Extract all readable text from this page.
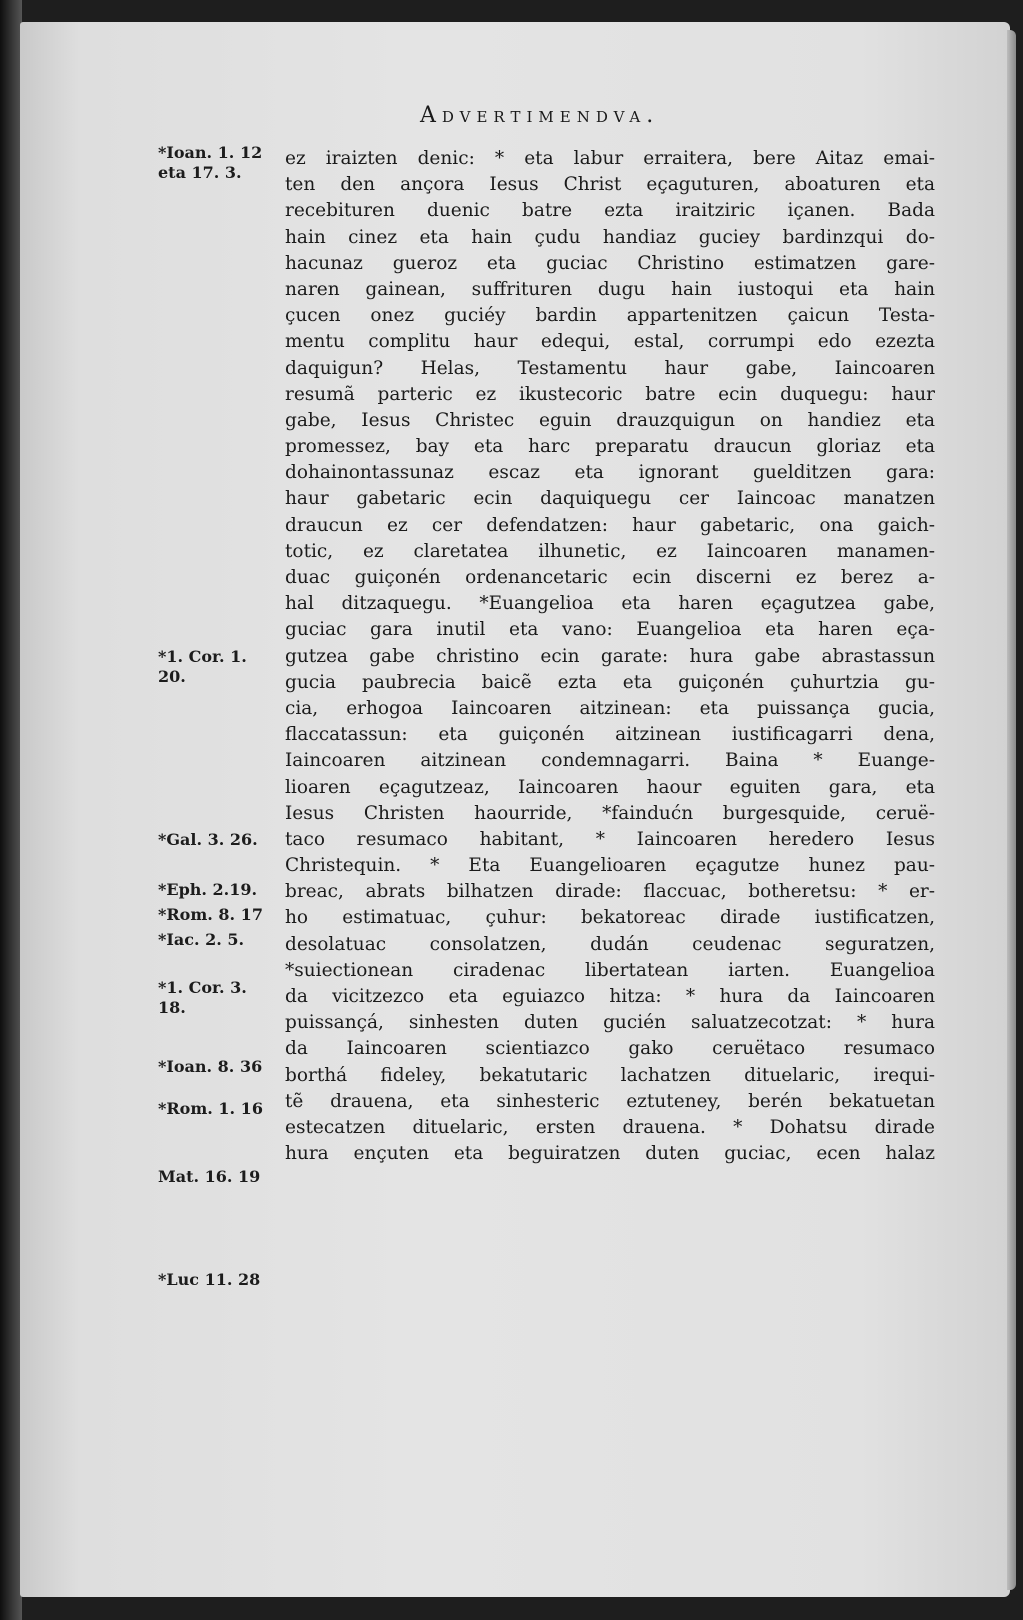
Advertimendva.
*Ioan. 1. 12
eta 17. 3.
*1. Cor. 1.
20.
*Gal. 3. 26.
*Eph. 2.19.
*Rom. 8. 17
*Iac. 2. 5.
*1. Cor. 3.
18.
*Ioan. 8. 36
*Rom. 1. 16
Mat. 16. 19
*Luc 11. 28
ez iraizten denic: * eta labur erraitera, bere Aitaz emai-
ten den ançora Iesus Christ eçaguturen, aboaturen eta
recebituren duenic batre ezta iraitziric içanen. Bada
hain cinez eta hain çudu handiaz guciey bardinzqui do-
hacunaz gueroz eta guciac Christino estimatzen gare-
naren gainean, suffrituren dugu hain iustoqui eta hain
çucen onez guciéy bardin appartenitzen çaicun Testa-
mentu complitu haur edequi, estal, corrumpi edo ezezta
daquigun? Helas, Testamentu haur gabe, Iaincoaren
resumã parteric ez ikustecoric batre ecin duquegu: haur
gabe, Iesus Christec eguin drauzquigun on handiez eta
promessez, bay eta harc preparatu draucun gloriaz eta
dohainontassunaz escaz eta ignorant guelditzen gara:
haur gabetaric ecin daquiquegu cer Iaincoac manatzen
draucun ez cer defendatzen: haur gabetaric, ona gaich-
totic, ez claretatea ilhunetic, ez Iaincoaren manamen-
duac guiçonén ordenancetaric ecin discerni ez berez a-
hal ditzaquegu. *Euangelioa eta haren eçagutzea gabe,
guciac gara inutil eta vano: Euangelioa eta haren eça-
gutzea gabe christino ecin garate: hura gabe abrastassun
gucia paubrecia baicẽ ezta eta guiçonén çuhurtzia gu-
cia, erhogoa Iaincoaren aitzinean: eta puissança gucia,
flaccatassun: eta guiçonén aitzinean iustificagarri dena,
Iaincoaren aitzinean condemnagarri. Baina * Euange-
lioaren eçagutzeaz, Iaincoaren haour eguiten gara, eta
Iesus Christen haourride, *faindućn burgesquide, ceruë-
taco resumaco habitant, * Iaincoaren heredero Iesus
Christequin. * Eta Euangelioaren eçagutze hunez pau-
breac, abrats bilhatzen dirade: flaccuac, botheretsu: * er-
ho estimatuac, çuhur: bekatoreac dirade iustificatzen,
desolatuac consolatzen, dudán ceudenac seguratzen,
*suiectionean ciradenac libertatean iarten. Euangelioa
da vicitzezco eta eguiazco hitza: * hura da Iaincoaren
puissançá, sinhesten duten gucién saluatzecotzat: * hura
da Iaincoaren scientiazco gako ceruëtaco resumaco
borthá fideley, bekatutaric lachatzen dituelaric, irequi-
tẽ drauena, eta sinhesteric eztuteney, berén bekatuetan
estecatzen dituelaric, ersten drauena. * Dohatsu dirade
hura ençuten eta beguiratzen duten guciac, ecen halaz
